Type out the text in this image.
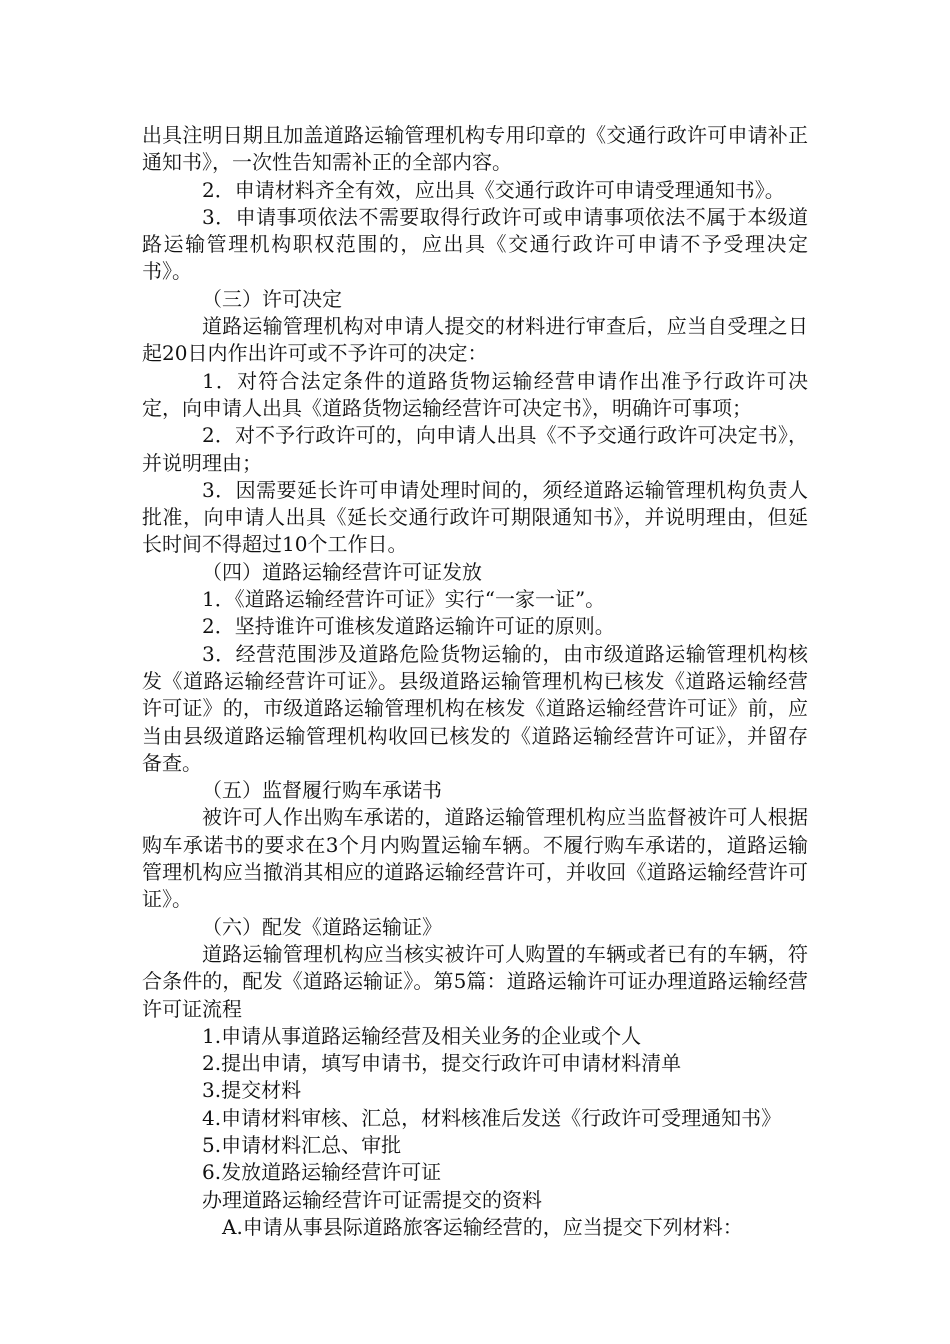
出具注明日期且加盖道路运输管理机构专用印章的《交通行政许可申请补正通知书》，一次性告知需补正的全部内容。

2．申请材料齐全有效，应出具《交通行政许可申请受理通知书》。

3．申请事项依法不需要取得行政许可或申请事项依法不属于本级道路运输管理机构职权范围的，应出具《交通行政许可申请不予受理决定书》。

（三）许可决定

道路运输管理机构对申请人提交的材料进行审查后，应当自受理之日起20日内作出许可或不予许可的决定：

1．对符合法定条件的道路货物运输经营申请作出准予行政许可决定，向申请人出具《道路货物运输经营许可决定书》，明确许可事项；

2．对不予行政许可的，向申请人出具《不予交通行政许可决定书》，并说明理由；

3．因需要延长许可申请处理时间的，须经道路运输管理机构负责人批准，向申请人出具《延长交通行政许可期限通知书》，并说明理由，但延长时间不得超过10个工作日。

（四）道路运输经营许可证发放

1．《道路运输经营许可证》实行“一家一证”。

2．坚持谁许可谁核发道路运输许可证的原则。

3．经营范围涉及道路危险货物运输的，由市级道路运输管理机构核发《道路运输经营许可证》。县级道路运输管理机构已核发《道路运输经营许可证》的，市级道路运输管理机构在核发《道路运输经营许可证》前，应当由县级道路运输管理机构收回已核发的《道路运输经营许可证》，并留存备查。

（五）监督履行购车承诺书

被许可人作出购车承诺的，道路运输管理机构应当监督被许可人根据购车承诺书的要求在3个月内购置运输车辆。不履行购车承诺的，道路运输管理机构应当撤消其相应的道路运输经营许可，并收回《道路运输经营许可证》。

（六）配发《道路运输证》

道路运输管理机构应当核实被许可人购置的车辆或者已有的车辆，符合条件的，配发《道路运输证》。第5篇：道路运输许可证办理道路运输经营许可证流程

1.申请从事道路运输经营及相关业务的企业或个人

2.提出申请，填写申请书，提交行政许可申请材料清单

3.提交材料

4.申请材料审核、汇总，材料核准后发送《行政许可受理通知书》

5.申请材料汇总、审批

6.发放道路运输经营许可证

办理道路运输经营许可证需提交的资料

A.申请从事县际道路旅客运输经营的，应当提交下列材料：
